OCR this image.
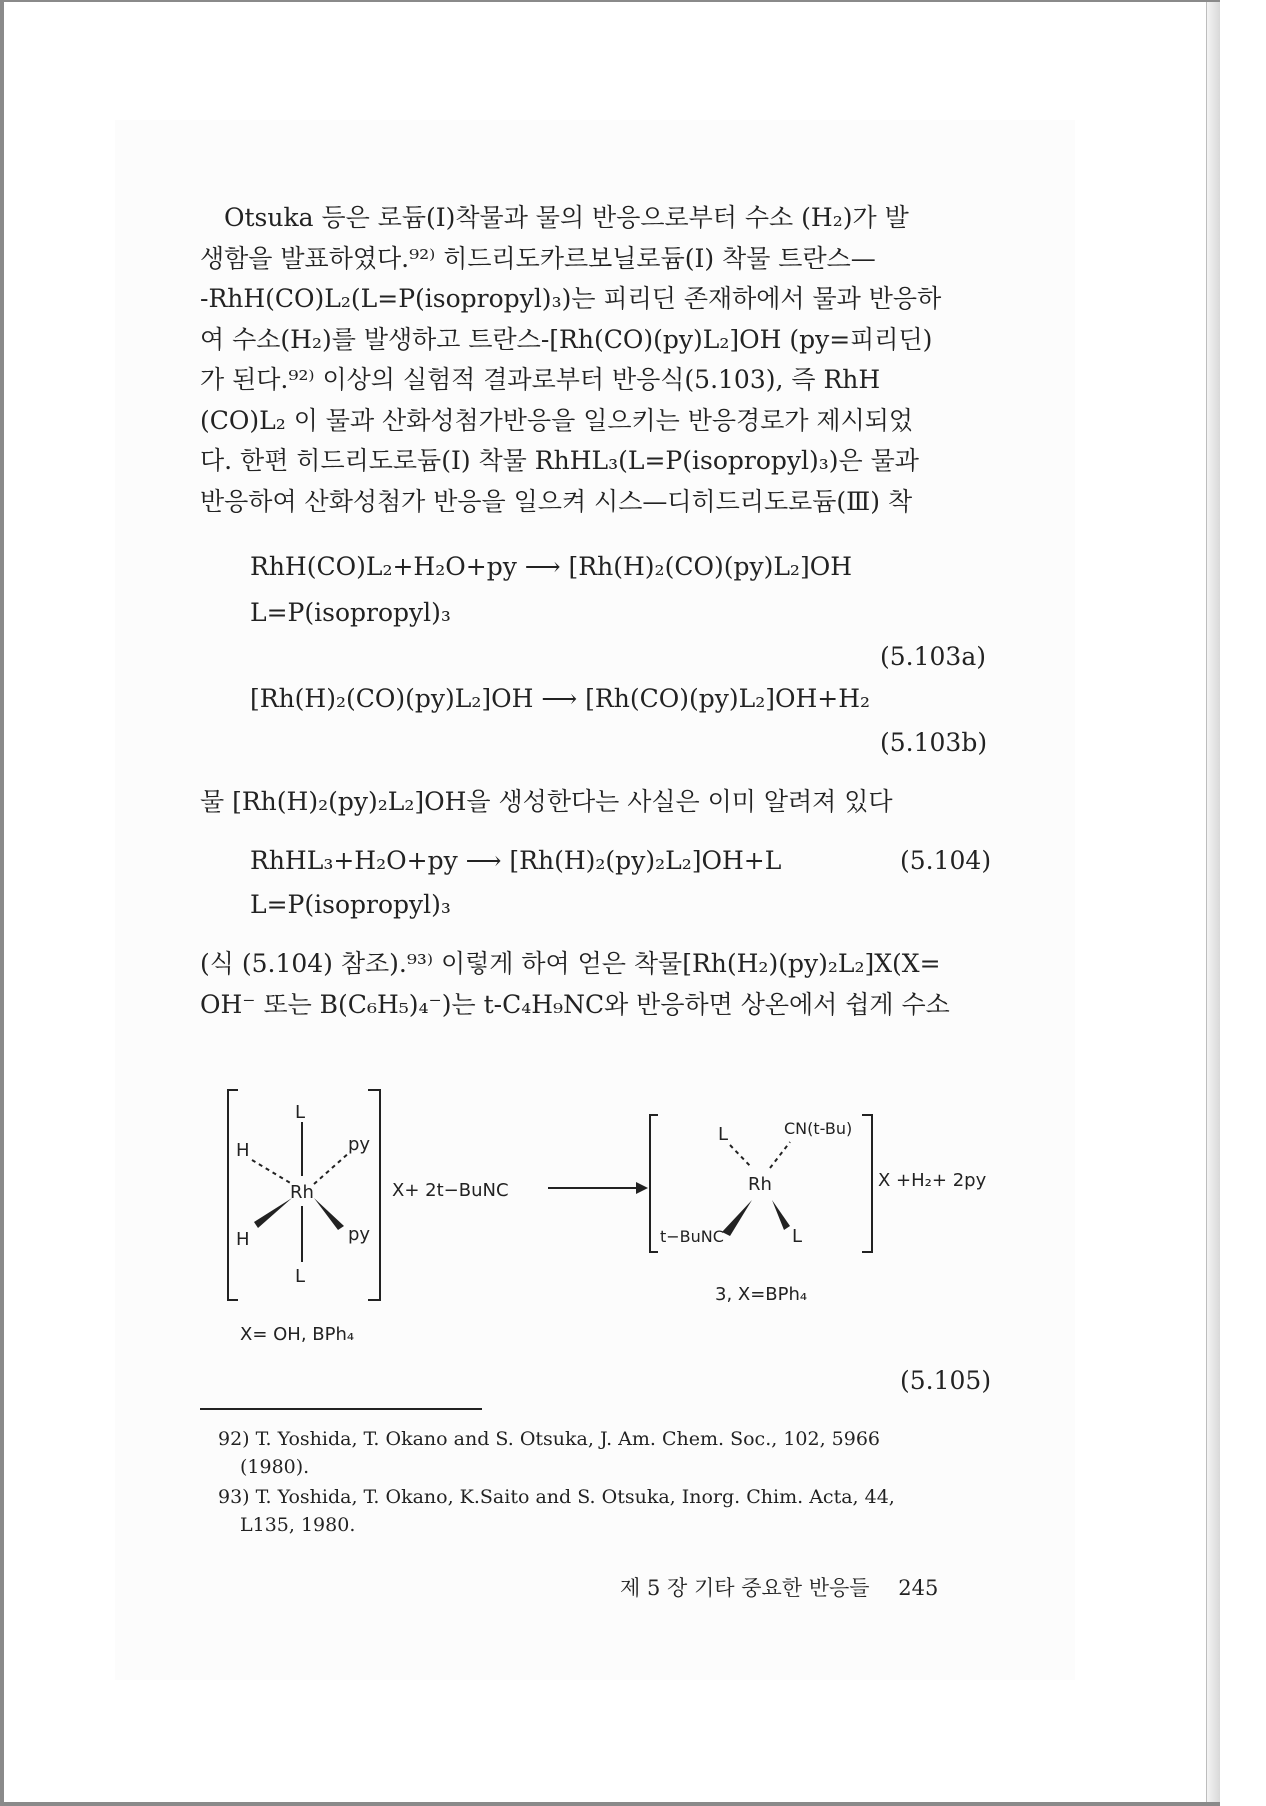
Otsuka 등은 로듐(Ⅰ)착물과 물의 반응으로부터 수소 (H₂)가 발
생함을 발표하였다.⁹²⁾ 히드리도카르보닐로듐(Ⅰ) 착물 트란스—
-RhH(CO)L₂(L=P(isopropyl)₃)는 피리딘 존재하에서 물과 반응하
여 수소(H₂)를 발생하고 트란스-[Rh(CO)(py)L₂]OH (py=피리딘)
가 된다.⁹²⁾ 이상의 실험적 결과로부터 반응식(5.103), 즉 RhH
(CO)L₂ 이 물과 산화성첨가반응을 일으키는 반응경로가 제시되었
다. 한편 히드리도로듐(Ⅰ) 착물 RhHL₃(L=P(isopropyl)₃)은 물과
반응하여 산화성첨가 반응을 일으켜 시스—디히드리도로듐(Ⅲ) 착
RhH(CO)L₂+H₂O+py ⟶ [Rh(H)₂(CO)(py)L₂]OH
L=P(isopropyl)₃
(5.103a)
[Rh(H)₂(CO)(py)L₂]OH ⟶ [Rh(CO)(py)L₂]OH+H₂
(5.103b)
물 [Rh(H)₂(py)₂L₂]OH을 생성한다는 사실은 이미 알려져 있다
RhHL₃+H₂O+py ⟶ [Rh(H)₂(py)₂L₂]OH+L	(5.104)
L=P(isopropyl)₃
(식 (5.104) 참조).⁹³⁾ 이렇게 하여 얻은 착물[Rh(H₂)(py)₂L₂]X(X=
OH⁻ 또는 B(C₆H₅)₄⁻)는 t-C₄H₉NC와 반응하면 상온에서 쉽게 수소
L
H	py
Rh
H	py
L
X+ 2t−BuNC
X= OH, BPh₄
L	CN(t-Bu)
Rh
t−BuNC	L
X +H₂+ 2py
3, X=BPh₄
(5.105)
92) T. Yoshida, T. Okano and S. Otsuka, J. Am. Chem. Soc., 102, 5966
(1980).
93) T. Yoshida, T. Okano, K.Saito and S. Otsuka, Inorg. Chim. Acta, 44,
L135, 1980.
제 5 장 기타 중요한 반응들 245
